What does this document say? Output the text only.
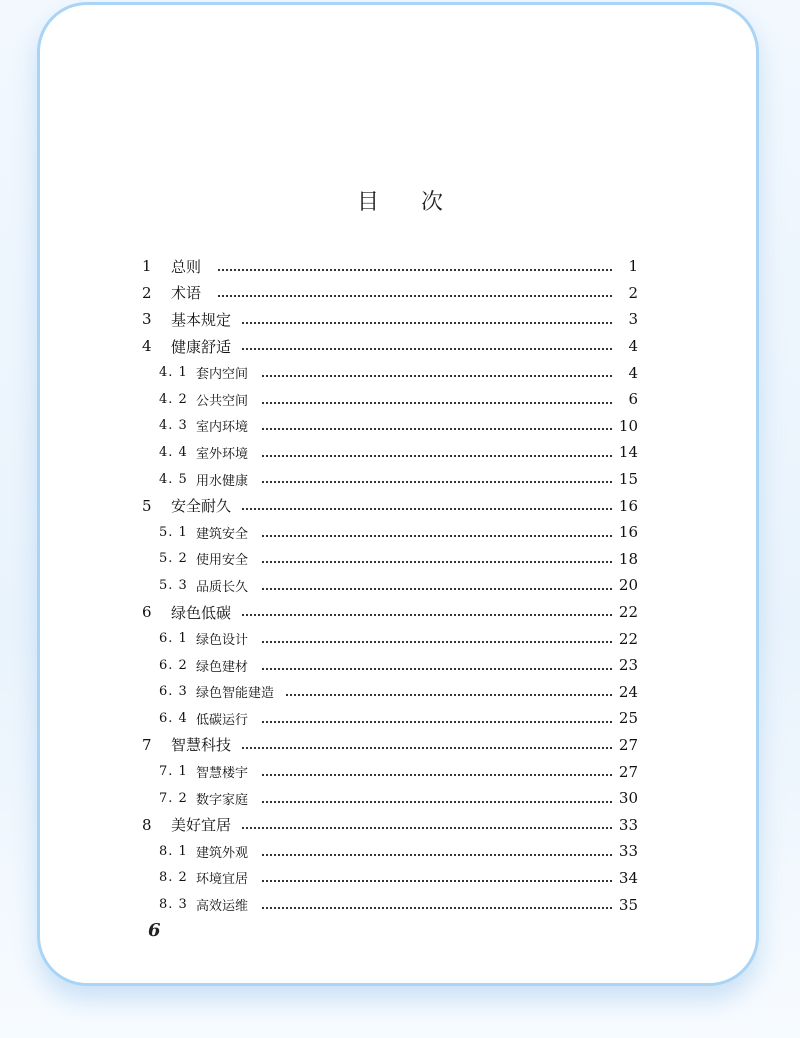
目次
1 总则	1
2 术语	2
3 基本规定	3
4 健康舒适	4
4. 1 套内空间	4
4. 2 公共空间	6
4. 3 室内环境	10
4. 4 室外环境	14
4. 5 用水健康	15
5 安全耐久	16
5. 1 建筑安全	16
5. 2 使用安全	18
5. 3 品质长久	20
6 绿色低碳	22
6. 1 绿色设计	22
6. 2 绿色建材	23
6. 3 绿色智能建造	24
6. 4 低碳运行	25
7 智慧科技	27
7. 1 智慧楼宇	27
7. 2 数字家庭	30
8 美好宜居	33
8. 1 建筑外观	33
8. 2 环境宜居	34
8. 3 高效运维	35
6
